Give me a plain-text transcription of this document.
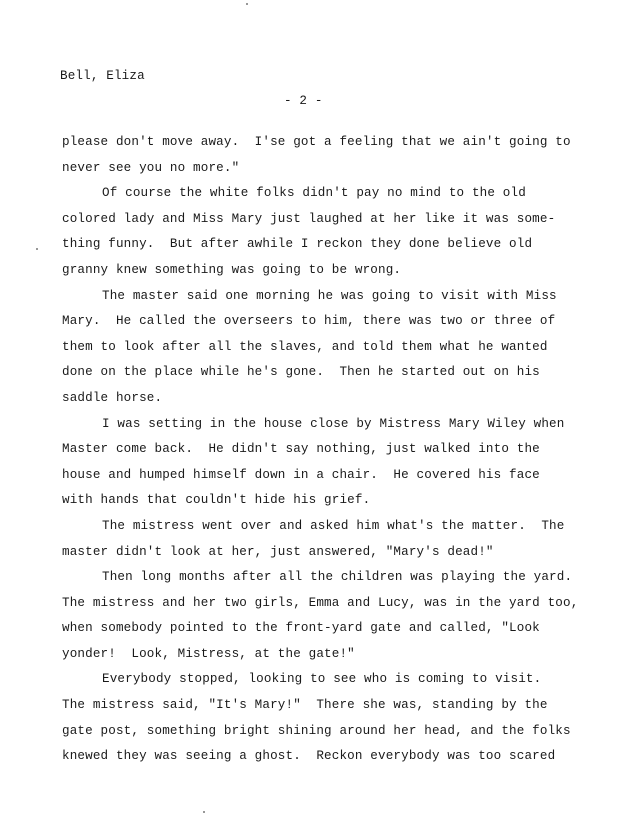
Bell, Eliza
- 2 -
please don't move away.  I'se got a feeling that we ain't going to
never see you no more."
Of course the white folks didn't pay no mind to the old
colored lady and Miss Mary just laughed at her like it was some-
thing funny.  But after awhile I reckon they done believe old
granny knew something was going to be wrong.
The master said one morning he was going to visit with Miss
Mary.  He called the overseers to him, there was two or three of
them to look after all the slaves, and told them what he wanted
done on the place while he's gone.  Then he started out on his
saddle horse.
I was setting in the house close by Mistress Mary Wiley when
Master come back.  He didn't say nothing, just walked into the
house and humped himself down in a chair.  He covered his face
with hands that couldn't hide his grief.
The mistress went over and asked him what's the matter.  The
master didn't look at her, just answered, "Mary's dead!"
Then long months after all the children was playing the yard.
The mistress and her two girls, Emma and Lucy, was in the yard too,
when somebody pointed to the front-yard gate and called, "Look
yonder!  Look, Mistress, at the gate!"
Everybody stopped, looking to see who is coming to visit.
The mistress said, "It's Mary!"  There she was, standing by the
gate post, something bright shining around her head, and the folks
knewed they was seeing a ghost.  Reckon everybody was too scared
